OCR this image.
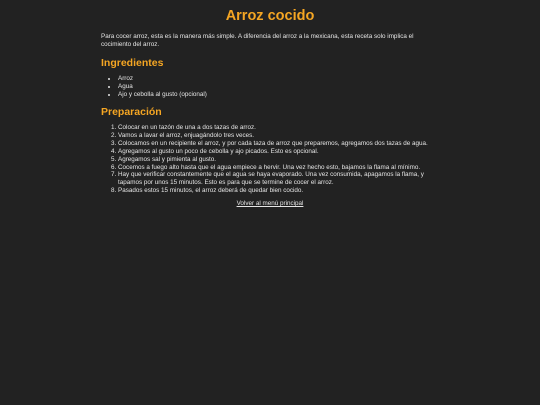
Arroz cocido

Para cocer arroz, esta es la manera más simple. A diferencia del arroz a la mexicana, esta receta solo implica el cocimiento del arroz.

Ingredientes
• Arroz
• Agua
• Ajo y cebolla al gusto (opcional)
Preparación
1. Colocar en un tazón de una a dos tazas de arroz.
2. Vamos a lavar el arroz, enjuagándolo tres veces.
3. Colocamos en un recipiente el arroz, y por cada taza de arroz que preparemos, agregamos dos tazas de agua.
4. Agregamos al gusto un poco de cebolla y ajo picados. Esto es opcional.
5. Agregamos sal y pimienta al gusto.
6. Cocemos a fuego alto hasta que el agua empiece a hervir. Una vez hecho esto, bajamos la flama al mínimo.
7. Hay que verificar constantemente que el agua se haya evaporado. Una vez consumida, apagamos la flama, y tapamos por unos 15 minutos. Esto es para que se termine de cocer el arroz.
8. Pasados estos 15 minutos, el arroz deberá de quedar bien cocido.
Volver al menú principal
